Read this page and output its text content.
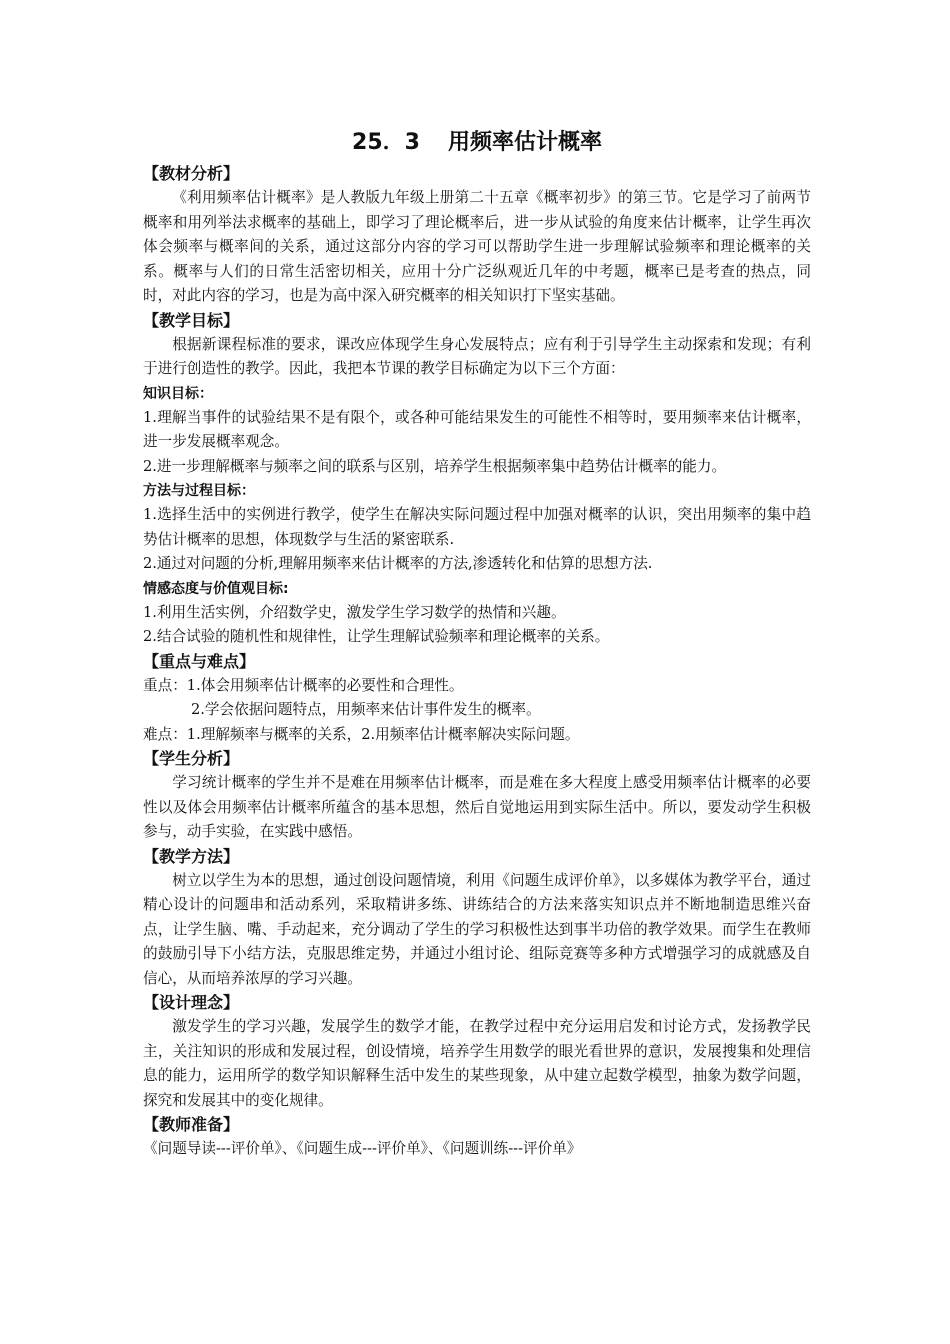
25．3 用频率估计概率
【教材分析】

《利用频率估计概率》是人教版九年级上册第二十五章《概率初步》的第三节。它是学习了前两节概率和用列举法求概率的基础上，即学习了理论概率后，进一步从试验的角度来估计概率，让学生再次体会频率与概率间的关系，通过这部分内容的学习可以帮助学生进一步理解试验频率和理论概率的关系。概率与人们的日常生活密切相关，应用十分广泛纵观近几年的中考题，概率已是考查的热点，同时，对此内容的学习，也是为高中深入研究概率的相关知识打下坚实基础。

【教学目标】

根据新课程标准的要求，课改应体现学生身心发展特点；应有利于引导学生主动探索和发现；有利于进行创造性的教学。因此，我把本节课的教学目标确定为以下三个方面：

知识目标：

1.理解当事件的试验结果不是有限个，或各种可能结果发生的可能性不相等时，要用频率来估计概率，进一步发展概率观念。

2.进一步理解概率与频率之间的联系与区别，培养学生根据频率集中趋势估计概率的能力。

方法与过程目标：

1.选择生活中的实例进行教学，使学生在解决实际问题过程中加强对概率的认识，突出用频率的集中趋势估计概率的思想，体现数学与生活的紧密联系.

2.通过对问题的分析,理解用频率来估计概率的方法,渗透转化和估算的思想方法.

情感态度与价值观目标:

1.利用生活实例，介绍数学史，激发学生学习数学的热情和兴趣。

2.结合试验的随机性和规律性，让学生理解试验频率和理论概率的关系。

【重点与难点】

重点：1.体会用频率估计概率的必要性和合理性。

2.学会依据问题特点，用频率来估计事件发生的概率。

难点：1.理解频率与概率的关系，2.用频率估计概率解决实际问题。

【学生分析】

学习统计概率的学生并不是难在用频率估计概率，而是难在多大程度上感受用频率估计概率的必要性以及体会用频率估计概率所蕴含的基本思想，然后自觉地运用到实际生活中。所以，要发动学生积极参与，动手实验，在实践中感悟。

【教学方法】

树立以学生为本的思想，通过创设问题情境，利用《问题生成评价单》，以多媒体为教学平台，通过精心设计的问题串和活动系列，采取精讲多练、讲练结合的方法来落实知识点并不断地制造思维兴奋点，让学生脑、嘴、手动起来，充分调动了学生的学习积极性达到事半功倍的教学效果。而学生在教师的鼓励引导下小结方法，克服思维定势，并通过小组讨论、组际竞赛等多种方式增强学习的成就感及自信心，从而培养浓厚的学习兴趣。

【设计理念】

激发学生的学习兴趣，发展学生的数学才能，在教学过程中充分运用启发和讨论方式，发扬教学民主，关注知识的形成和发展过程，创设情境，培养学生用数学的眼光看世界的意识，发展搜集和处理信息的能力，运用所学的数学知识解释生活中发生的某些现象，从中建立起数学模型，抽象为数学问题，探究和发展其中的变化规律。

【教师准备】

《问题导读---评价单》、《问题生成---评价单》、《问题训练---评价单》
